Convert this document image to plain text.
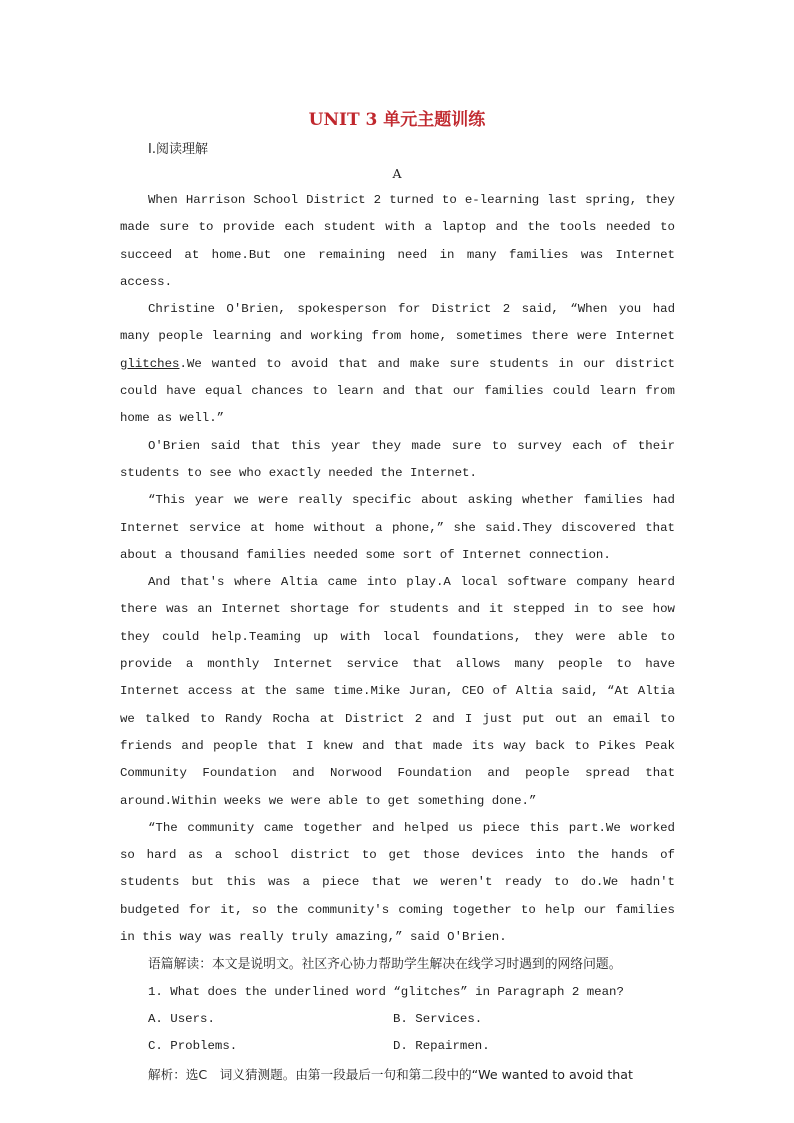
UNIT 3 单元主题训练
Ⅰ.阅读理解
A

When Harrison School District 2 turned to e-learning last spring, they made sure to provide each student with a laptop and the tools needed to succeed at home.But one remaining need in many families was Internet access.

Christine O'Brien, spokesperson for District 2 said, “When you had many people learning and working from home, sometimes there were Internet glitches.We wanted to avoid that and make sure students in our district could have equal chances to learn and that our families could learn from home as well.”

O'Brien said that this year they made sure to survey each of their students to see who exactly needed the Internet.

“This year we were really specific about asking whether families had Internet service at home without a phone,” she said.They discovered that about a thousand families needed some sort of Internet connection.

And that's where Altia came into play.A local software company heard there was an Internet shortage for students and it stepped in to see how they could help.Teaming up with local foundations, they were able to provide a monthly Internet service that allows many people to have Internet access at the same time.Mike Juran, CEO of Altia said, “At Altia we talked to Randy Rocha at District 2 and I just put out an email to friends and people that I knew and that made its way back to Pikes Peak Community Foundation and Norwood Foundation and people spread that around.Within weeks we were able to get something done.”

“The community came together and helped us piece this part.We worked so hard as a school district to get those devices into the hands of students but this was a piece that we weren't ready to do.We hadn't budgeted for it, so the community's coming together to help our families in this way was really truly amazing,” said O'Brien.

语篇解读：本文是说明文。社区齐心协力帮助学生解决在线学习时遇到的网络问题。

1. What does the underlined word “glitches” in Paragraph 2 mean?

A. Users.	B. Services.
C. Problems.	D. Repairmen.

解析：选C　词义猜测题。由第一段最后一句和第二段中的“We wanted to avoid that
